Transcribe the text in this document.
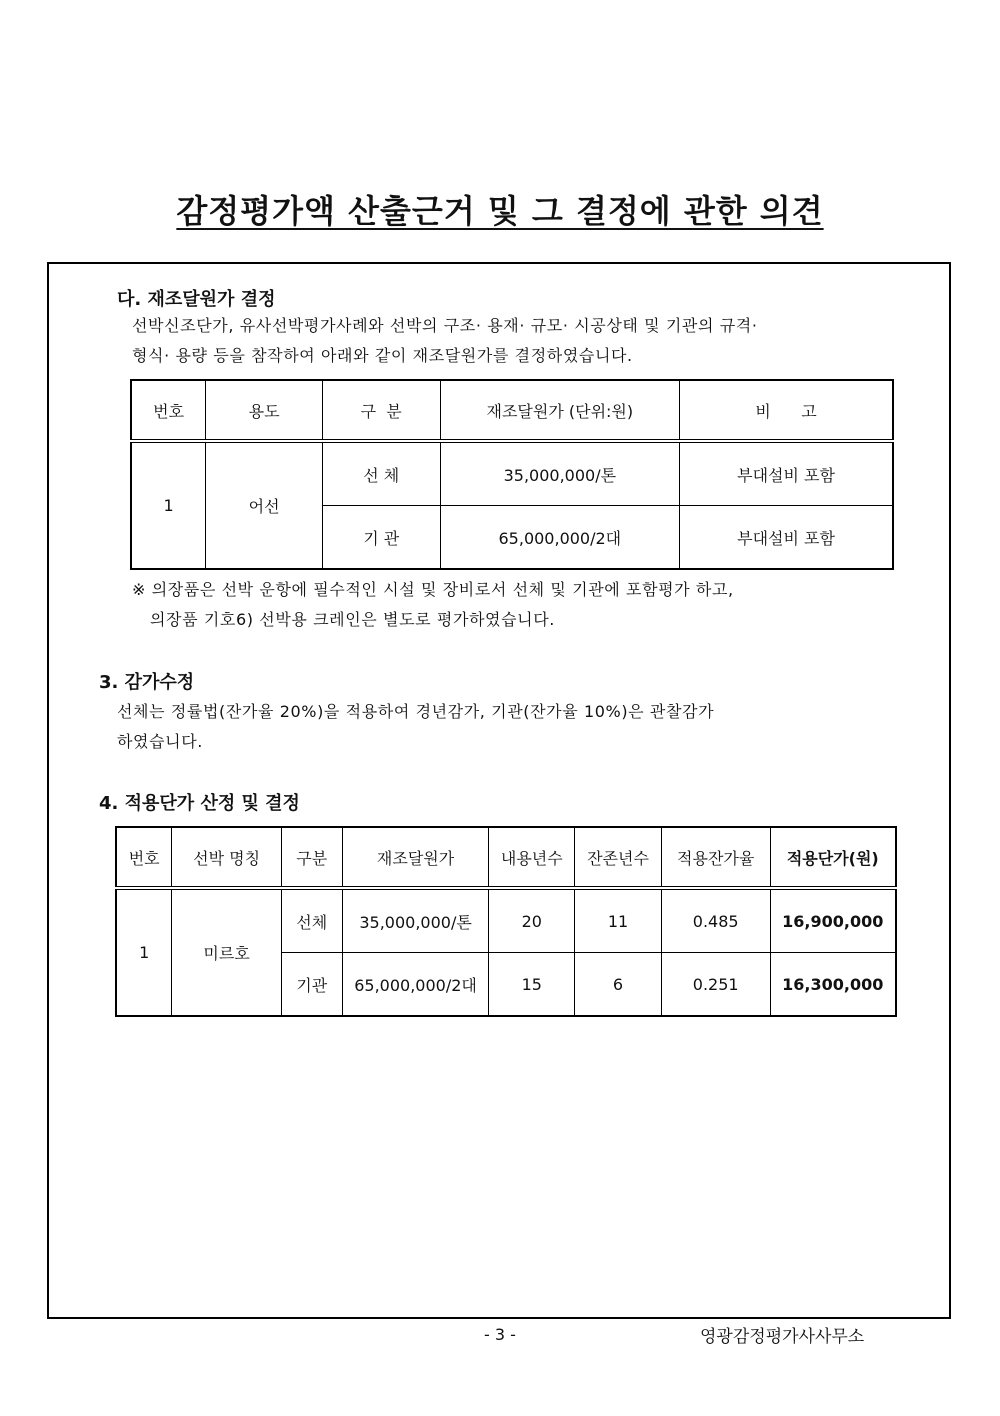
감정평가액 산출근거 및 그 결정에 관한 의견
다. 재조달원가 결정
선박신조단가, 유사선박평가사례와 선박의 구조· 용재· 규모· 시공상태 및 기관의 규격·
형식· 용량 등을 참작하여 아래와 같이 재조달원가를 결정하였습니다.
번호	용도	구  분	재조달원가 (단위:원)	비      고
1	어선	선 체	35,000,000/톤	부대설비 포함
		기 관	65,000,000/2대	부대설비 포함
※ 의장품은 선박 운항에 필수적인 시설 및 장비로서 선체 및 기관에 포함평가 하고,
의장품 기호6) 선박용 크레인은 별도로 평가하였습니다.
3. 감가수정
선체는 정률법(잔가율 20%)을 적용하여 경년감가, 기관(잔가율 10%)은 관찰감가
하였습니다.
4. 적용단가 산정 및 결정
번호	선박 명칭	구분	재조달원가	내용년수	잔존년수	적용잔가율	적용단가(원)
1	미르호	선체	35,000,000/톤	20	11	0.485	16,900,000
		기관	65,000,000/2대	15	6	0.251	16,300,000
- 3 -	영광감정평가사사무소
